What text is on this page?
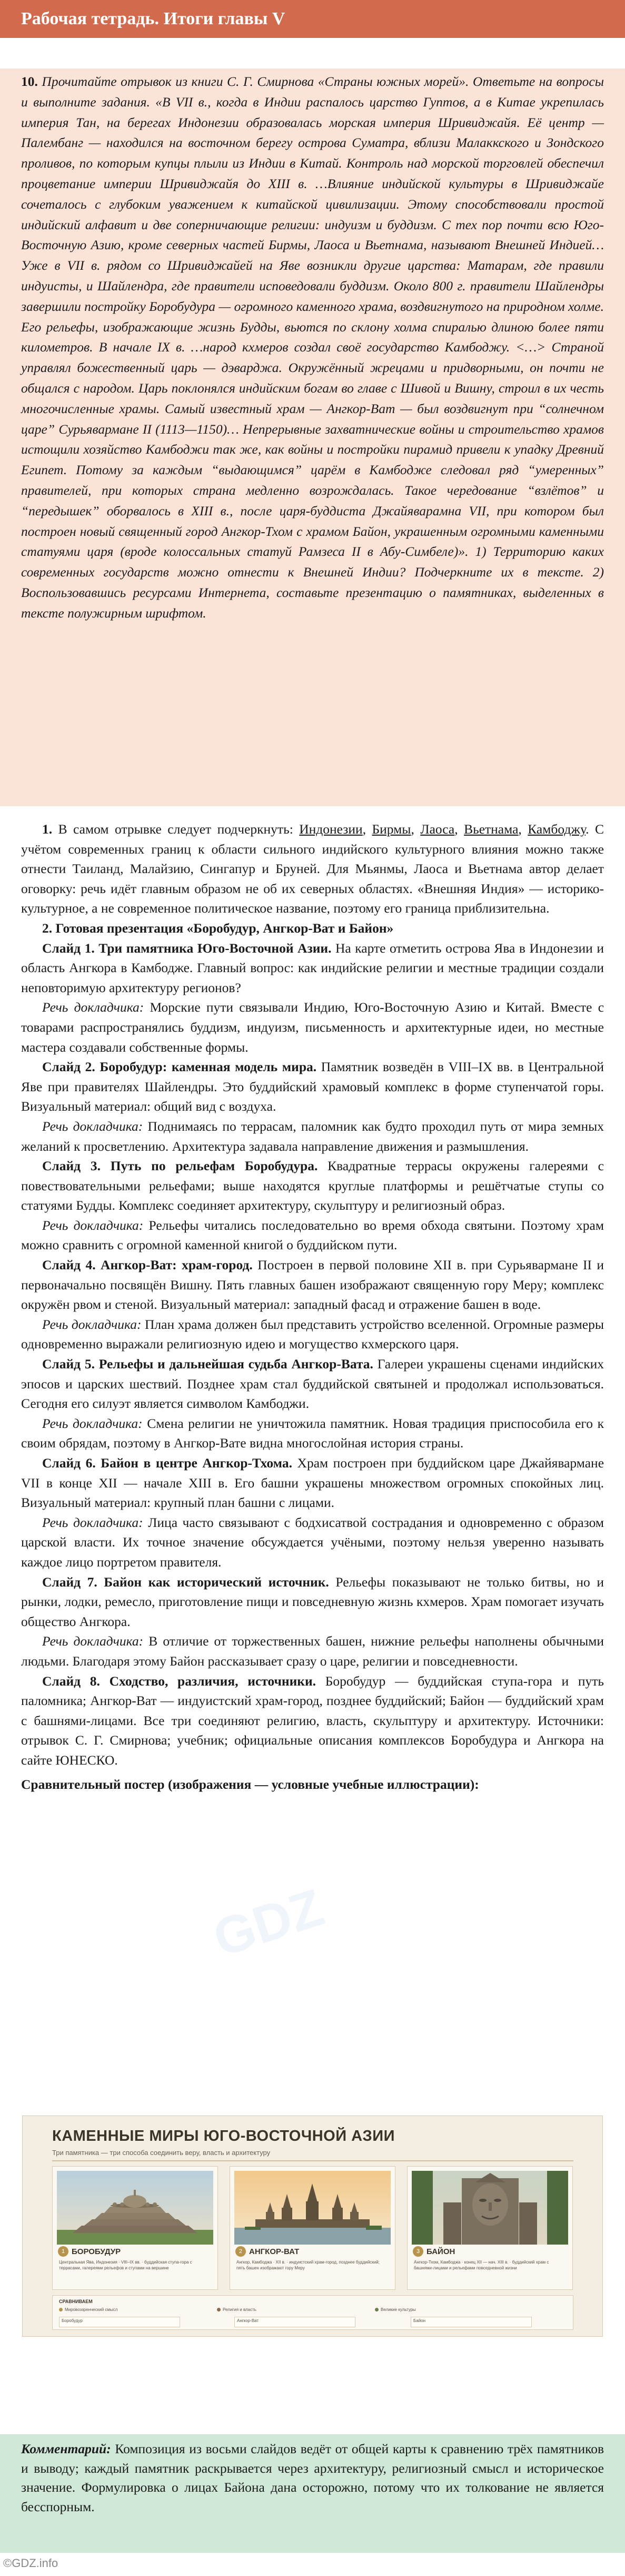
Рабочая тетрадь. Итоги главы V
10. Прочитайте отрывок из книги С. Г. Смирнова «Страны южных морей». Ответьте на вопросы и выполните задания. «В VII в., когда в Индии распалось царство Гуптов, а в Китае укрепилась империя Тан, на берегах Индонезии образовалась морская империя Шривиджайя. Её центр — Палембанг — находился на восточном берегу острова Суматра, вблизи Малаккского и Зондского проливов, по которым купцы плыли из Индии в Китай. Контроль над морской торговлей обеспечил процветание империи Шривиджайя до XIII в. …Влияние индийской культуры в Шривиджайе сочеталось с глубоким уважением к китайской цивилизации. Этому способствовали простой индийский алфавит и две соперничающие религии: индуизм и буддизм. С тех пор почти всю Юго-Восточную Азию, кроме северных частей Бирмы, Лаоса и Вьетнама, называют Внешней Индией… Уже в VII в. рядом со Шривиджайей на Яве возникли другие царства: Матарам, где правили индуисты, и Шайлендра, где правители исповедовали буддизм. Около 800 г. правители Шайлендры завершили постройку Боробудура — огромного каменного храма, воздвигнутого на природном холме. Его рельефы, изображающие жизнь Будды, вьются по склону холма спиралью длиною более пяти километров. В начале IX в. …народ кхмеров создал своё государство Камбоджу. <…> Страной управлял божественный царь — дэварджа. Окружённый жрецами и придворными, он почти не общался с народом. Царь поклонялся индийским богам во главе с Шивой и Вишну, строил в их честь многочисленные храмы. Самый известный храм — Ангкор-Ват — был воздвигнут при “солнечном царе” Сурьявармане II (1113—1150)… Непрерывные захватнические войны и строительство храмов истощили хозяйство Камбоджи так же, как войны и постройки пирамид привели к упадку Древний Египет. Потому за каждым “выдающимся” царём в Камбодже следовал ряд “умеренных” правителей, при которых страна медленно возрождалась. Такое чередование “взлётов” и “передышек” оборвалось в XIII в., после царя-буддиста Джайяварамна VII, при котором был построен новый священный город Ангкор-Тхом с храмом Байон, украшенным огромными каменными статуями царя (вроде колоссальных статуй Рамзеса II в Абу-Симбеле)». 1) Территорию каких современных государств можно отнести к Внешней Индии? Подчеркните их в тексте. 2) Воспользовавшись ресурсами Интернета, составьте презентацию о памятниках, выделенных в тексте полужирным шрифтом.

1. В самом отрывке следует подчеркнуть: Индонезии, Бирмы, Лаоса, Вьетнама, Камбоджу. С учётом современных границ к области сильного индийского культурного влияния можно также отнести Таиланд, Малайзию, Сингапур и Бруней. Для Мьянмы, Лаоса и Вьетнама автор делает оговорку: речь идёт главным образом не об их северных областях. «Внешняя Индия» — историко-культурное, а не современное политическое название, поэтому его граница приблизительна.

2. Готовая презентация «Боробудур, Ангкор-Ват и Байон»

Слайд 1. Три памятника Юго-Восточной Азии. На карте отметить острова Ява в Индонезии и область Ангкора в Камбодже. Главный вопрос: как индийские религии и местные традиции создали неповторимую архитектуру регионов?

Речь докладчика: Морские пути связывали Индию, Юго-Восточную Азию и Китай. Вместе с товарами распространялись буддизм, индуизм, письменность и архитектурные идеи, но местные мастера создавали собственные формы.

Слайд 2. Боробудур: каменная модель мира. Памятник возведён в VIII–IX вв. в Центральной Яве при правителях Шайлендры. Это буддийский храмовый комплекс в форме ступенчатой горы. Визуальный материал: общий вид с воздуха.

Речь докладчика: Поднимаясь по террасам, паломник как будто проходил путь от мира земных желаний к просветлению. Архитектура задавала направление движения и размышления.

Слайд 3. Путь по рельефам Боробудура. Квадратные террасы окружены галереями с повествовательными рельефами; выше находятся круглые платформы и решётчатые ступы со статуями Будды. Комплекс соединяет архитектуру, скульптуру и религиозный образ.

Речь докладчика: Рельефы читались последовательно во время обхода святыни. Поэтому храм можно сравнить с огромной каменной книгой о буддийском пути.

Слайд 4. Ангкор-Ват: храм-город. Построен в первой половине XII в. при Сурьявармане II и первоначально посвящён Вишну. Пять главных башен изображают священную гору Меру; комплекс окружён рвом и стеной. Визуальный материал: западный фасад и отражение башен в воде.

Речь докладчика: План храма должен был представить устройство вселенной. Огромные размеры одновременно выражали религиозную идею и могущество кхмерского царя.

Слайд 5. Рельефы и дальнейшая судьба Ангкор-Вата. Галереи украшены сценами индийских эпосов и царских шествий. Позднее храм стал буддийской святыней и продолжал использоваться. Сегодня его силуэт является символом Камбоджи.

Речь докладчика: Смена религии не уничтожила памятник. Новая традиция приспособила его к своим обрядам, поэтому в Ангкор-Вате видна многослойная история страны.

Слайд 6. Байон в центре Ангкор-Тхома. Храм построен при буддийском царе Джайявармане VII в конце XII — начале XIII в. Его башни украшены множеством огромных спокойных лиц. Визуальный материал: крупный план башни с лицами.

Речь докладчика: Лица часто связывают с бодхисатвой сострадания и одновременно с образом царской власти. Их точное значение обсуждается учёными, поэтому нельзя уверенно называть каждое лицо портретом правителя.

Слайд 7. Байон как исторический источник. Рельефы показывают не только битвы, но и рынки, лодки, ремесло, приготовление пищи и повседневную жизнь кхмеров. Храм помогает изучать общество Ангкора.

Речь докладчика: В отличие от торжественных башен, нижние рельефы наполнены обычными людьми. Благодаря этому Байон рассказывает сразу о царе, религии и повседневности.

Слайд 8. Сходство, различия, источники. Боробудур — буддийская ступа-гора и путь паломника; Ангкор-Ват — индуистский храм-город, позднее буддийский; Байон — буддийский храм с башнями-лицами. Все три соединяют религию, власть, скульптуру и архитектуру. Источники: отрывок С. Г. Смирнова; учебник; официальные описания комплексов Боробудура и Ангкора на сайте ЮНЕСКО.

Сравнительный постер (изображения — условные учебные иллюстрации):

GDZ
КАМЕННЫЕ МИРЫ ЮГО-ВОСТОЧНОЙ АЗИИ
Три памятника — три способа соединить веру, власть и архитектуру
1 БОРОБУДУР
Центральная Ява, Индонезия · VIII–IX вв. · буддийская ступа-гора с террасами, галереями рельефов и ступами на вершине
2 АНГКОР-ВАТ
Ангкор, Камбоджа · XII в. · индуистский храм-город, позднее буддийский; пять башен изображают гору Меру
3 БАЙОН
Ангкор-Тхом, Камбоджа · конец XII — нач. XIII в. · буддийский храм с башнями-лицами и рельефами повседневной жизни
СРАВНИВАЕМ
Мировоззренческий смысл	Религия и власть	Великие культуры
Боробудур	Ангкор-Ват	Байон
Комментарий: Композиция из восьми слайдов ведёт от общей карты к сравнению трёх памятников и выводу; каждый памятник раскрывается через архитектуру, религиозный смысл и историческое значение. Формулировка о лицах Байона дана осторожно, потому что их толкование не является бесспорным.
©GDZ.info
